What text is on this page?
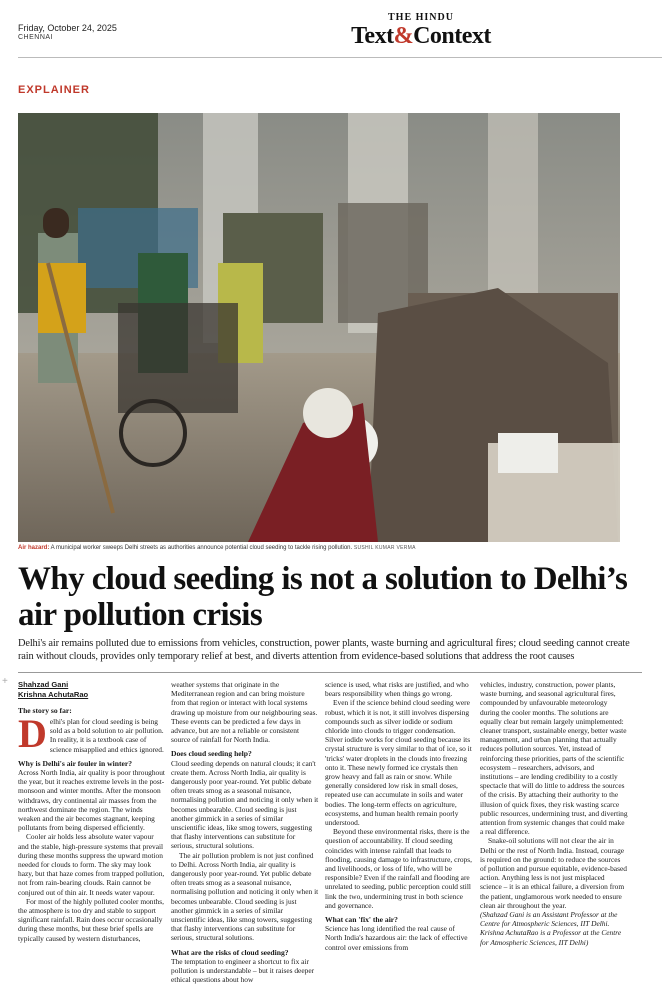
Friday, October 24, 2025
CHENNAI
THE HINDU
Text&Context
EXPLAINER
Air hazard: A municipal worker sweeps Delhi streets as authorities announce potential cloud seeding to tackle rising pollution. SUSHIL KUMAR VERMA
Why cloud seeding is not a solution to Delhi’s air pollution crisis

Delhi's air remains polluted due to emissions from vehicles, construction, power plants, waste burning and agricultural fires; cloud seeding cannot create rain without clouds, provides only temporary relief at best, and diverts attention from evidence-based solutions that address the root causes

+ Shahzad Gani
Krishna AchutaRao
The story so far:

Delhi's plan for cloud seeding is being sold as a bold solution to air pollution. In reality, it is a textbook case of science misapplied and ethics ignored.

Why is Delhi's air fouler in winter?

Across North India, air quality is poor throughout the year, but it reaches extreme levels in the post-monsoon and winter months. After the monsoon withdraws, dry continental air masses from the northwest dominate the region. The winds weaken and the air becomes stagnant, keeping pollutants from being dispersed efficiently.

Cooler air holds less absolute water vapour and the stable, high-pressure systems that prevail during these months suppress the upward motion needed for clouds to form. The sky may look hazy, but that haze comes from trapped pollution, not from rain-bearing clouds. Rain cannot be conjured out of thin air. It needs water vapour.

For most of the highly polluted cooler months, the atmosphere is too dry and stable to support significant rainfall. Rain does occur occasionally during these months, but these brief spells are typically caused by western disturbances,

weather systems that originate in the Mediterranean region and can bring moisture from that region or interact with local systems drawing up moisture from our neighbouring seas. These events can be predicted a few days in advance, but are not a reliable or consistent source of rainfall for North India.

Does cloud seeding help?

Cloud seeding depends on natural clouds; it can't create them. Across North India, air quality is dangerously poor year-round. Yet public debate often treats smog as a seasonal nuisance, normalising pollution and noticing it only when it becomes unbearable. Cloud seeding is just another gimmick in a series of similar unscientific ideas, like smog towers, suggesting that flashy interventions can substitute for serious, structural solutions.

The air pollution problem is not just confined to Delhi. Across North India, air quality is dangerously poor year-round. Yet public debate often treats smog as a seasonal nuisance, normalising pollution and noticing it only when it becomes unbearable. Cloud seeding is just another gimmick in a series of similar unscientific ideas, like smog towers, suggesting that flashy interventions can substitute for serious, structural solutions.

What are the risks of cloud seeding?

The temptation to engineer a shortcut to fix air pollution is understandable – but it raises deeper ethical questions about how

science is used, what risks are justified, and who bears responsibility when things go wrong.

Even if the science behind cloud seeding were robust, which it is not, it still involves dispersing compounds such as silver iodide or sodium chloride into clouds to trigger condensation. Silver iodide works for cloud seeding because its crystal structure is very similar to that of ice, so it 'tricks' water droplets in the clouds into freezing onto it. These newly formed ice crystals then grow heavy and fall as rain or snow. While generally considered low risk in small doses, repeated use can accumulate in soils and water bodies. The long-term effects on agriculture, ecosystems, and human health remain poorly understood.

Beyond these environmental risks, there is the question of accountability. If cloud seeding coincides with intense rainfall that leads to flooding, causing damage to infrastructure, crops, and livelihoods, or loss of life, who will be responsible? Even if the rainfall and flooding are unrelated to seeding, public perception could still link the two, undermining trust in both science and governance.

What can 'fix' the air?

Science has long identified the real cause of North India's hazardous air: the lack of effective control over emissions from

vehicles, industry, construction, power plants, waste burning, and seasonal agricultural fires, compounded by unfavourable meteorology during the cooler months. The solutions are equally clear but remain largely unimplemented: cleaner transport, sustainable energy, better waste management, and urban planning that actually reduces pollution sources. Yet, instead of reinforcing these priorities, parts of the scientific ecosystem – researchers, advisors, and institutions – are lending credibility to a costly spectacle that will do little to address the sources of the crisis. By attaching their authority to the illusion of quick fixes, they risk wasting scarce public resources, undermining trust, and diverting attention from systemic changes that could make a real difference.

Snake-oil solutions will not clear the air in Delhi or the rest of North India. Instead, courage is required on the ground: to reduce the sources of pollution and pursue equitable, evidence-based action. Anything less is not just misplaced science – it is an ethical failure, a diversion from the patient, unglamorous work needed to ensure clean air throughout the year.

(Shahzad Gani is an Assistant Professor at the Centre for Atmospheric Sciences, IIT Delhi. Krishna AchutaRao is a Professor at the Centre for Atmospheric Sciences, IIT Delhi)
